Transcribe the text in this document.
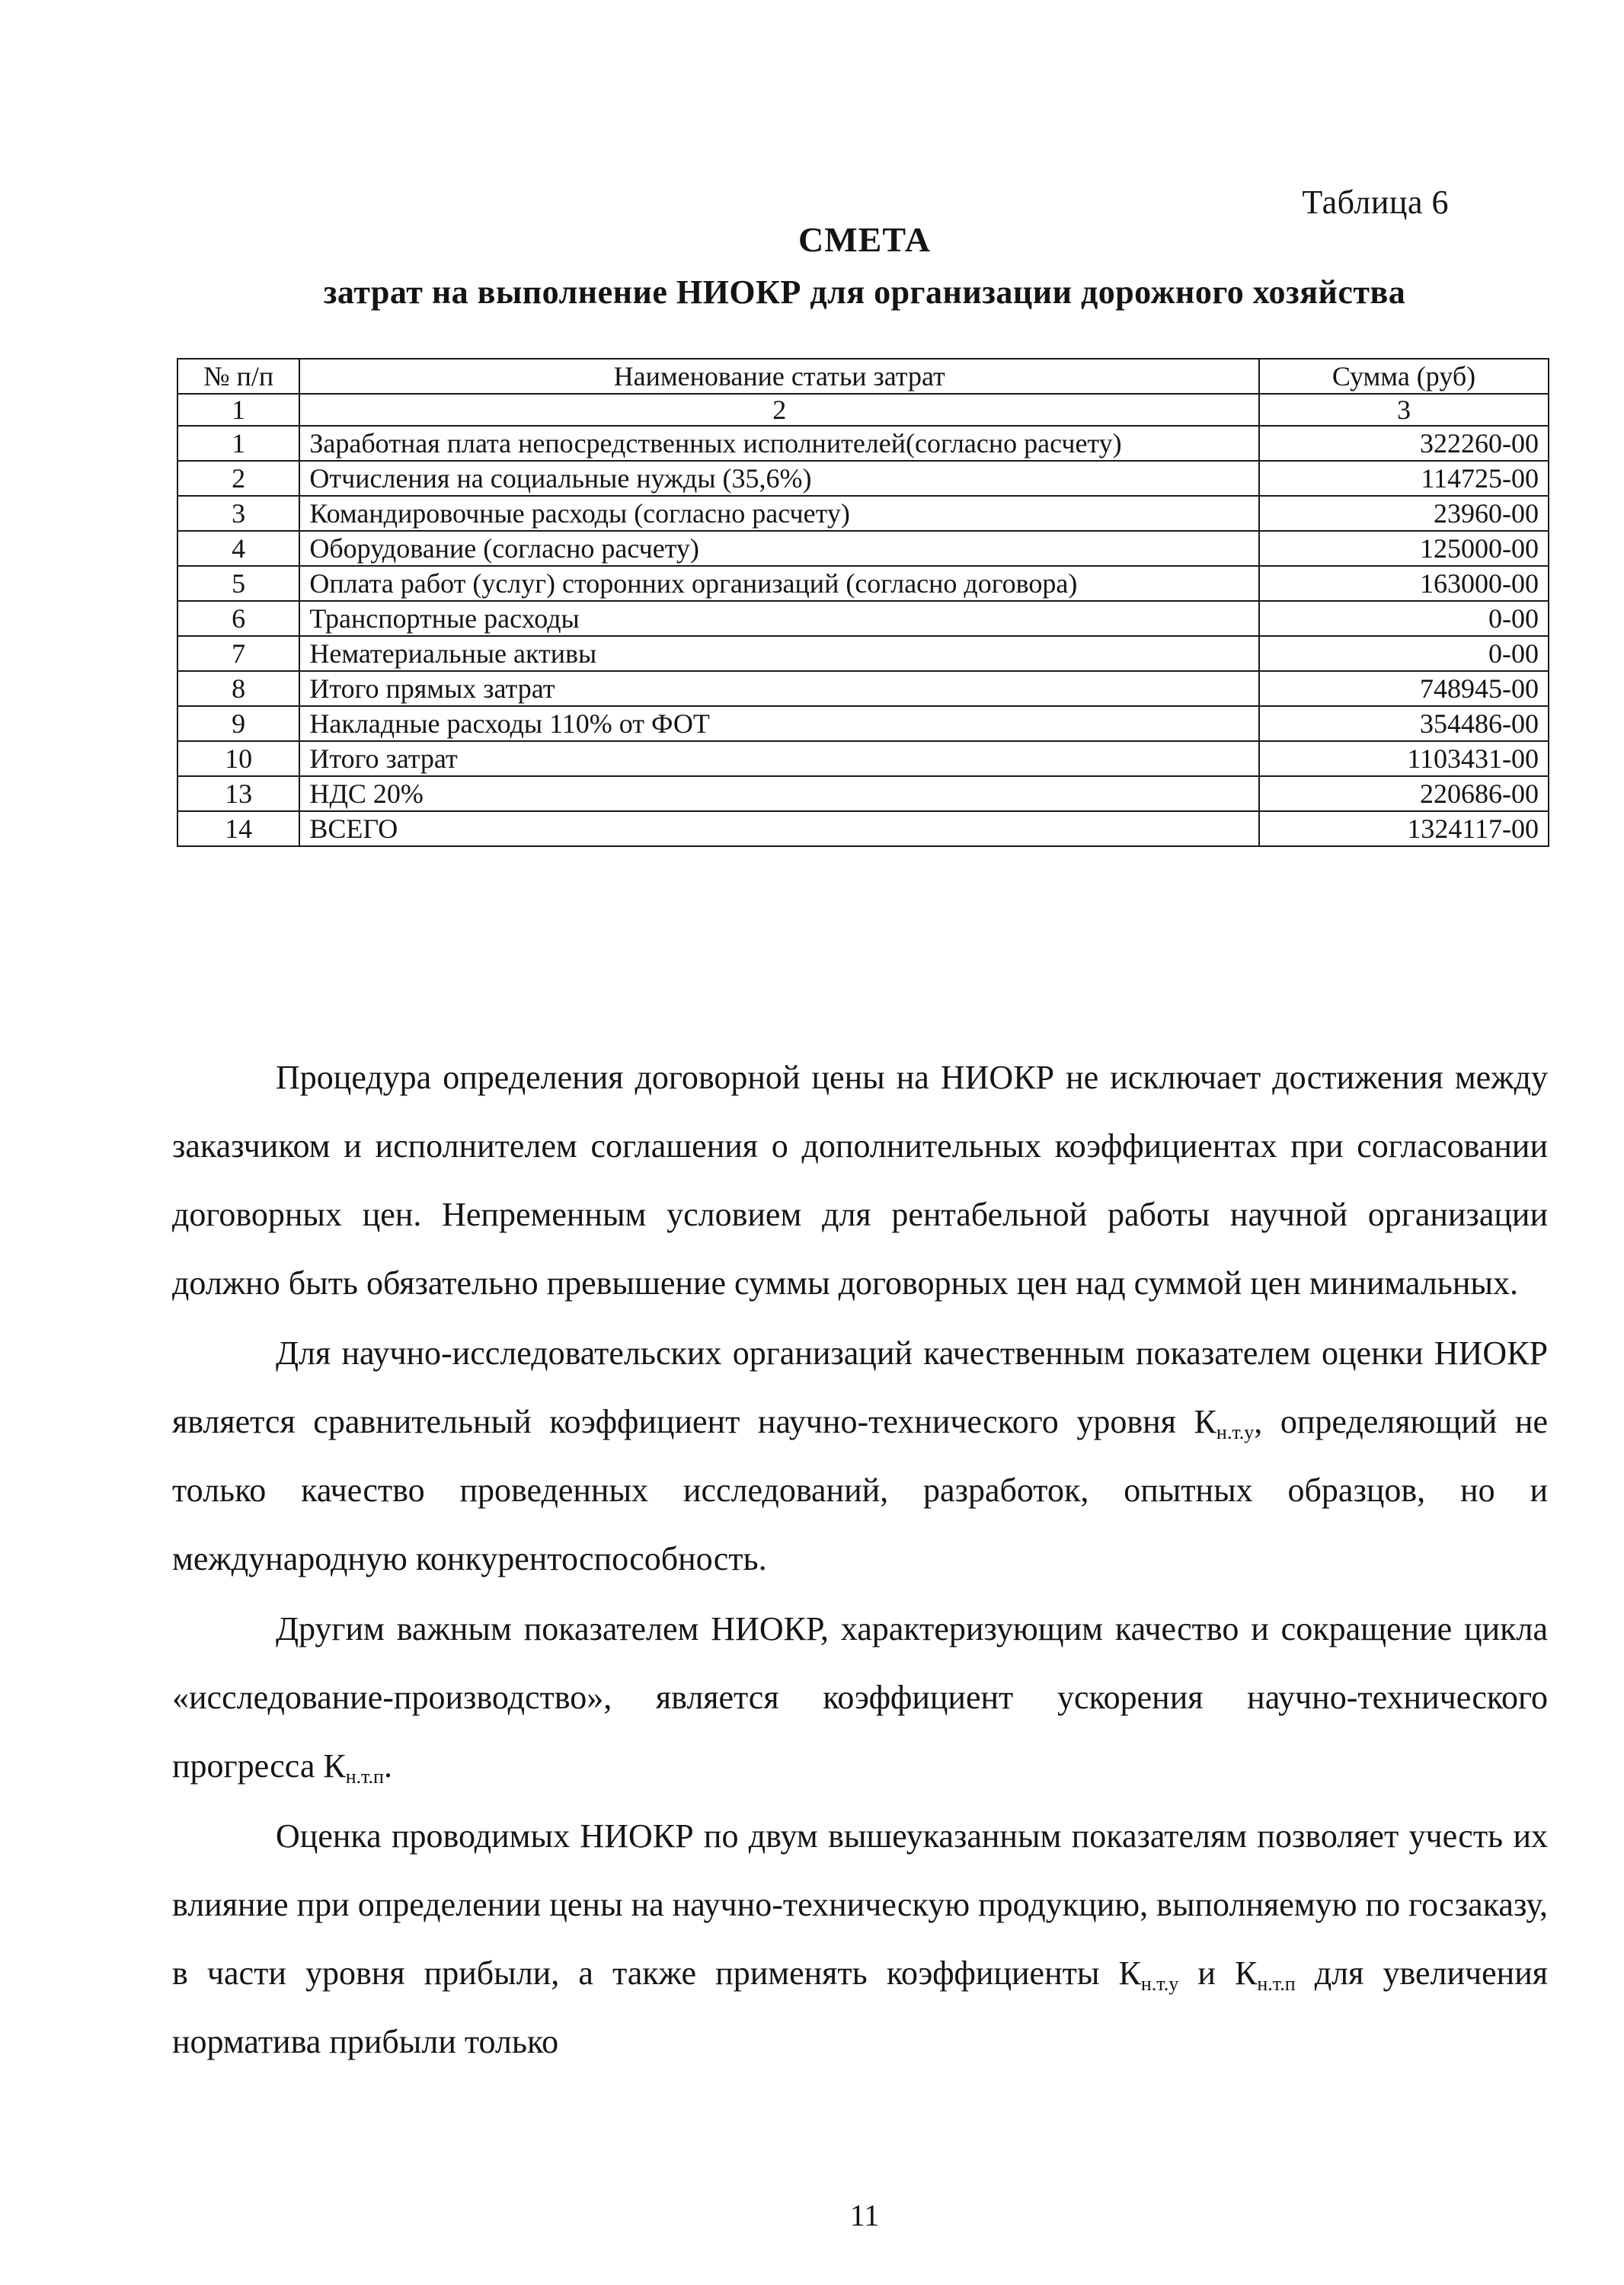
Таблица 6
СМЕТА
затрат на выполнение НИОКР для организации дорожного хозяйства
№ п/п	Наименование статьи затрат	Сумма (руб)
1	2	3
1	Заработная плата непосредственных исполнителей(согласно расчету)	322260-00
2	Отчисления на социальные нужды (35,6%)	114725-00
3	Командировочные расходы (согласно расчету)	23960-00
4	Оборудование (согласно расчету)	125000-00
5	Оплата работ (услуг) сторонних организаций (согласно договора)	163000-00
6	Транспортные расходы	0-00
7	Нематериальные активы	0-00
8	Итого прямых затрат	748945-00
9	Накладные расходы 110% от ФОТ	354486-00
10	Итого затрат	1103431-00
13	НДС 20%	220686-00
14	ВСЕГО	1324117-00

Процедура определения договорной цены на НИОКР не исключает достижения между заказчиком и исполнителем соглашения о дополнительных коэффициентах при согласовании договорных цен. Непременным условием для рентабельной работы научной организации должно быть обязательно превышение суммы договорных цен над суммой цен минимальных.

Для научно-исследовательских организаций качественным показателем оценки НИОКР является сравнительный коэффициент научно-технического уровня $К_{н.т.у}$, определяющий не только качество проведенных исследований, разработок, опытных образцов, но и международную конкурентоспособность.

Другим важным показателем НИОКР, характеризующим качество и сокращение цикла «исследование-производство», является коэффициент ускорения научно-технического прогресса $К_{н.т.п}$.

Оценка проводимых НИОКР по двум вышеуказанным показателям позволяет учесть их влияние при определении цены на научно-техническую продукцию, выполняемую по госзаказу, в части уровня прибыли, а также применять коэффициенты $К_{н.т.у}$ и $К_{н.т.п}$ для увеличения норматива прибыли только

11
